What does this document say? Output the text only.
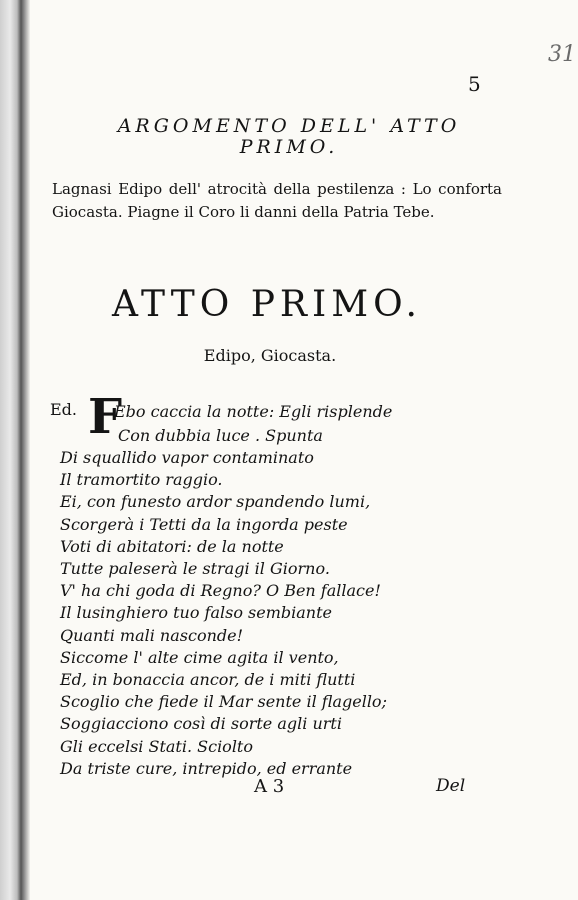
5
31
ARGOMENTO DELL' ATTO
PRIMO.
Lagnasi Edipo dell' atrocità della pestilenza : Lo conforta Giocasta. Piagne il Coro li danni della Patria Tebe.
ATTO PRIMO.
Edipo, Giocasta.
Ed. F
Ebo caccia la notte: Egli risplende
Con dubbia luce . Spunta
Di squallido vapor contaminato
Il tramortito raggio.
Ei, con funesto ardor spandendo lumi,
Scorgerà i Tetti da la ingorda peste
Voti di abitatori: de la notte
Tutte paleserà le stragi il Giorno.
V' ha chi goda di Regno? O Ben fallace!
Il lusinghiero tuo falso sembiante
Quanti mali nasconde!
Siccome l' alte cime agita il vento,
Ed, in bonaccia ancor, de i miti flutti
Scoglio che fiede il Mar sente il flagello;
Soggiacciono così di sorte agli urti
Gli eccelsi Stati. Sciolto
Da triste cure, intrepido, ed errante
A 3	Del
